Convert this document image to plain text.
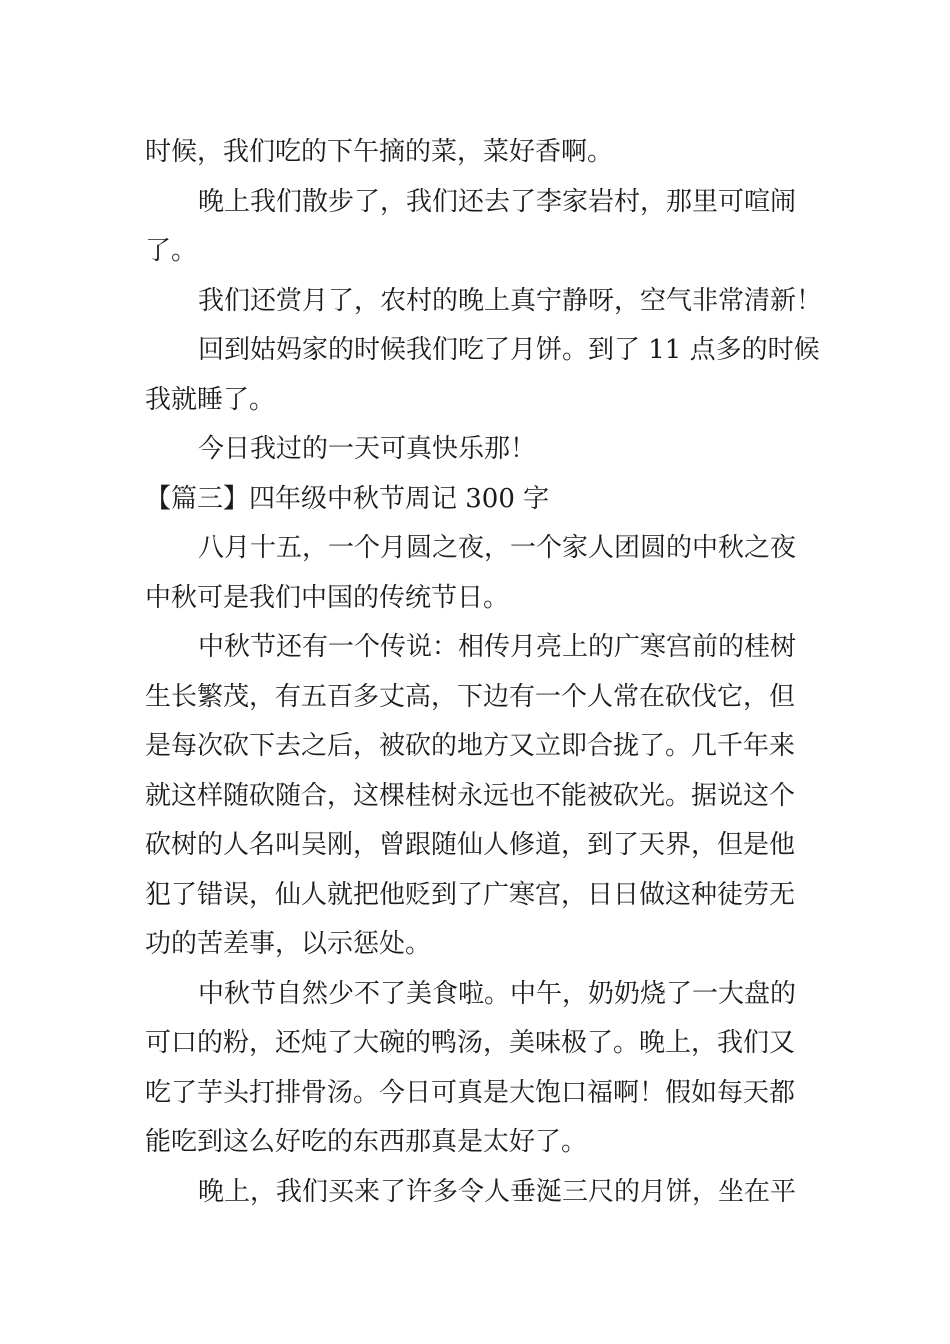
时候，我们吃的下午摘的菜，菜好香啊。
晚上我们散步了，我们还去了李家岩村，那里可喧闹
了。
我们还赏月了，农村的晚上真宁静呀，空气非常清新！
回到姑妈家的时候我们吃了月饼。到了 11 点多的时候
我就睡了。
今日我过的一天可真快乐那！
【篇三】四年级中秋节周记 300 字
八月十五，一个月圆之夜，一个家人团圆的中秋之夜
中秋可是我们中国的传统节日。
中秋节还有一个传说：相传月亮上的广寒宫前的桂树
生长繁茂，有五百多丈高，下边有一个人常在砍伐它，但
是每次砍下去之后，被砍的地方又立即合拢了。几千年来
就这样随砍随合，这棵桂树永远也不能被砍光。据说这个
砍树的人名叫吴刚，曾跟随仙人修道，到了天界，但是他
犯了错误，仙人就把他贬到了广寒宫，日日做这种徒劳无
功的苦差事，以示惩处。
中秋节自然少不了美食啦。中午，奶奶烧了一大盘的
可口的粉，还炖了大碗的鸭汤，美味极了。晚上，我们又
吃了芋头打排骨汤。今日可真是大饱口福啊！假如每天都
能吃到这么好吃的东西那真是太好了。
晚上，我们买来了许多令人垂涎三尺的月饼，坐在平
